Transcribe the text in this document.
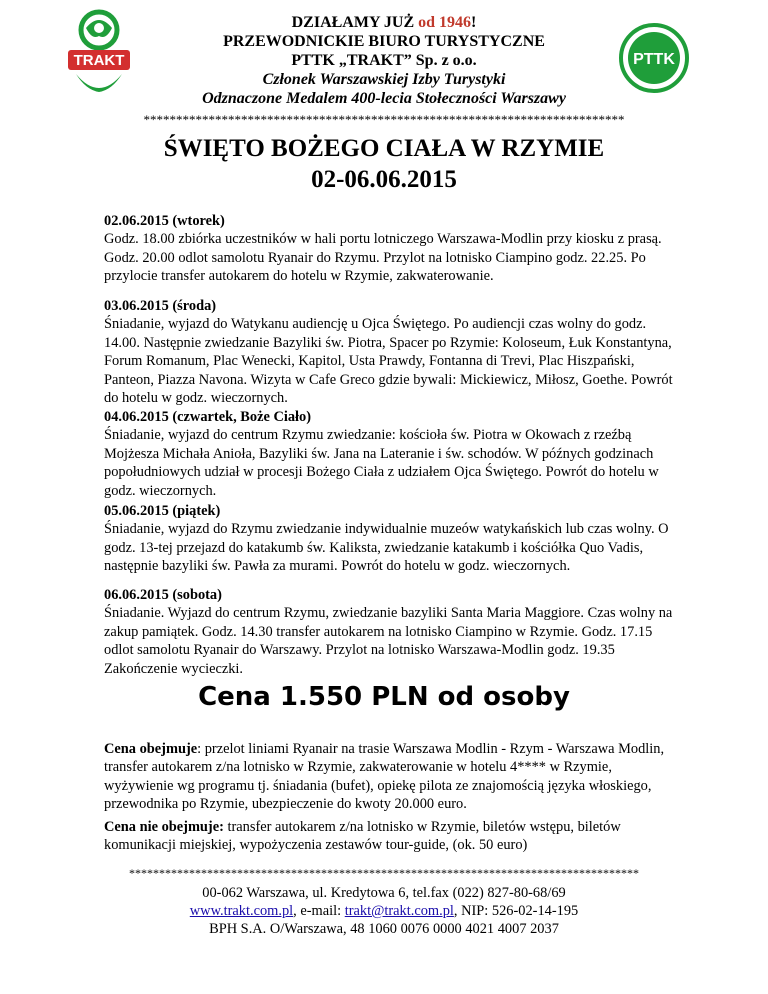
TRAKT	PTTK
DZIAŁAMY JUŻ od 1946!
PRZEWODNICKIE BIURO TURYSTYCZNE
PTTK „TRAKT” Sp. z o.o.
Członek Warszawskiej Izby Turystyki
Odznaczone Medalem 400-lecia Stołeczności Warszawy
**************************************************************************
ŚWIĘTO BOŻEGO CIAŁA W RZYMIE
02-06.06.2015

02.06.2015 (wtorek)

Godz. 18.00 zbiórka uczestników w hali portu lotniczego Warszawa-Modlin przy kiosku z prasą. Godz. 20.00 odlot samolotu Ryanair do Rzymu. Przylot na lotnisko Ciampino godz. 22.25. Po przylocie transfer autokarem do hotelu w Rzymie, zakwaterowanie.

03.06.2015 (środa)

Śniadanie, wyjazd do Watykanu audiencję u Ojca Świętego. Po audiencji czas wolny do godz. 14.00. Następnie zwiedzanie Bazyliki św. Piotra, Spacer po Rzymie: Koloseum, Łuk Konstantyna, Forum Romanum, Plac Wenecki, Kapitol, Usta Prawdy, Fontanna di Trevi, Plac Hiszpański, Panteon, Piazza Navona. Wizyta w Cafe Greco gdzie bywali: Mickiewicz, Miłosz, Goethe. Powrót do hotelu w godz. wieczornych.

04.06.2015 (czwartek, Boże Ciało)

Śniadanie, wyjazd do centrum Rzymu zwiedzanie: kościoła św. Piotra w Okowach z rzeźbą Mojżesza Michała Anioła, Bazyliki św. Jana na Lateranie i św. schodów. W późnych godzinach popołudniowych udział w procesji Bożego Ciała z udziałem Ojca Świętego. Powrót do hotelu w godz. wieczornych.

05.06.2015 (piątek)

Śniadanie, wyjazd do Rzymu zwiedzanie indywidualnie muzeów watykańskich lub czas wolny. O godz. 13-tej przejazd do katakumb św. Kaliksta, zwiedzanie katakumb i kościółka Quo Vadis, następnie bazyliki św. Pawła za murami. Powrót do hotelu w godz. wieczornych.

06.06.2015 (sobota)

Śniadanie. Wyjazd do centrum Rzymu, zwiedzanie bazyliki Santa Maria Maggiore. Czas wolny na zakup pamiątek. Godz. 14.30 transfer autokarem na lotnisko Ciampino w Rzymie. Godz. 17.15 odlot samolotu Ryanair do Warszawy. Przylot na lotnisko Warszawa-Modlin godz. 19.35 Zakończenie wycieczki.

Cena 1.550 PLN od osoby

Cena obejmuje: przelot liniami Ryanair na trasie Warszawa Modlin - Rzym - Warszawa Modlin, transfer autokarem z/na lotnisko w Rzymie, zakwaterowanie w hotelu 4**** w Rzymie, wyżywienie wg programu tj. śniadania (bufet), opiekę pilota ze znajomością języka włoskiego, przewodnika po Rzymie, ubezpieczenie do kwoty 20.000 euro.

Cena nie obejmuje: transfer autokarem z/na lotnisko w Rzymie, biletów wstępu, biletów komunikacji miejskiej, wypożyczenia zestawów tour-guide, (ok. 50 euro)

*************************************************************************************
00-062 Warszawa, ul. Kredytowa 6, tel.fax (022) 827-80-68/69
www.trakt.com.pl, e-mail: trakt@trakt.com.pl, NIP: 526-02-14-195
BPH S.A. O/Warszawa, 48 1060 0076 0000 4021 4007 2037
